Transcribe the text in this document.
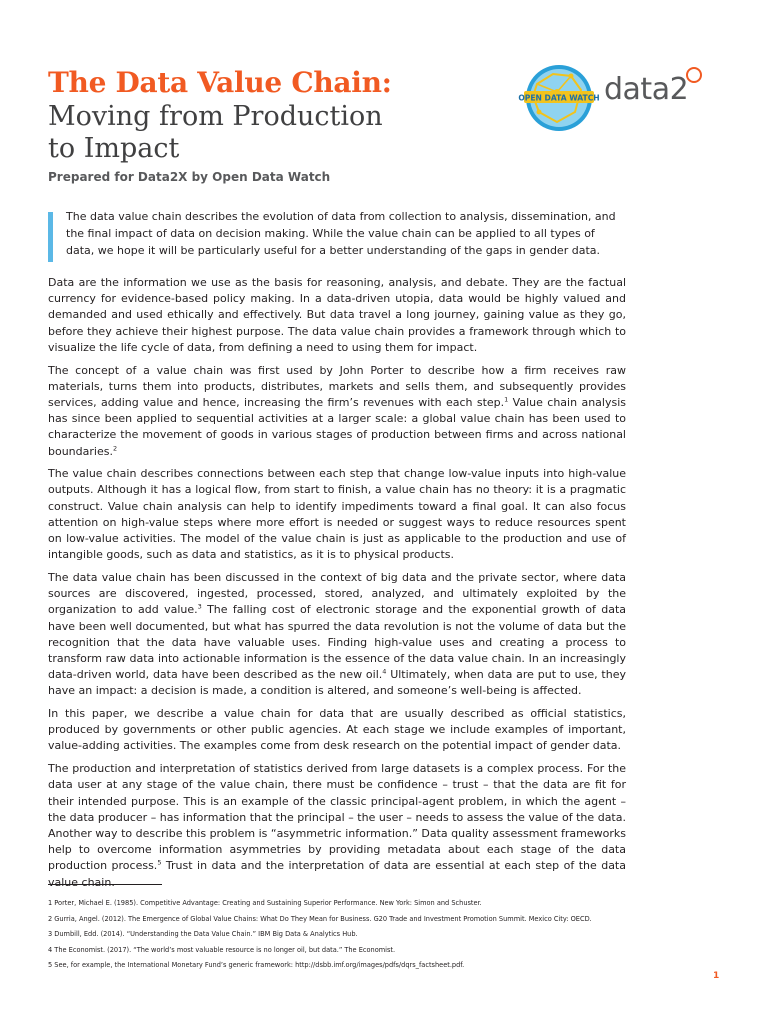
The Data Value Chain:
Moving from Production to Impact
Prepared for Data2X by Open Data Watch
OPEN DATA WATCH data2

The data value chain describes the evolution of data from collection to analysis, dissemination, and the final impact of data on decision making. While the value chain can be applied to all types of data, we hope it will be particularly useful for a better understanding of the gaps in gender data.

Data are the information we use as the basis for reasoning, analysis, and debate. They are the factual currency for evidence-based policy making. In a data-driven utopia, data would be highly valued and demanded and used ethically and effectively. But data travel a long journey, gaining value as they go, before they achieve their highest purpose. The data value chain provides a framework through which to visualize the life cycle of data, from defining a need to using them for impact.

The concept of a value chain was first used by John Porter to describe how a firm receives raw materials, turns them into products, distributes, markets and sells them, and subsequently provides services, adding value and hence, increasing the firm’s revenues with each step.$^1$ Value chain analysis has since been applied to sequential activities at a larger scale: a global value chain has been used to characterize the movement of goods in various stages of production between firms and across national boundaries.$^2$

The value chain describes connections between each step that change low-value inputs into high-value outputs. Although it has a logical flow, from start to finish, a value chain has no theory: it is a pragmatic construct. Value chain analysis can help to identify impediments toward a final goal. It can also focus attention on high-value steps where more effort is needed or suggest ways to reduce resources spent on low-value activities. The model of the value chain is just as applicable to the production and use of intangible goods, such as data and statistics, as it is to physical products.

The data value chain has been discussed in the context of big data and the private sector, where data sources are discovered, ingested, processed, stored, analyzed, and ultimately exploited by the organization to add value.$^3$ The falling cost of electronic storage and the exponential growth of data have been well documented, but what has spurred the data revolution is not the volume of data but the recognition that the data have valuable uses. Finding high-value uses and creating a process to transform raw data into actionable information is the essence of the data value chain. In an increasingly data-driven world, data have been described as the new oil.$^4$ Ultimately, when data are put to use, they have an impact: a decision is made, a condition is altered, and someone’s well-being is affected.

In this paper, we describe a value chain for data that are usually described as official statistics, produced by governments or other public agencies. At each stage we include examples of important, value-adding activities. The examples come from desk research on the potential impact of gender data.

The production and interpretation of statistics derived from large datasets is a complex process. For the data user at any stage of the value chain, there must be confidence – trust – that the data are fit for their intended purpose. This is an example of the classic principal-agent problem, in which the agent – the data producer – has information that the principal – the user – needs to assess the value of the data. Another way to describe this problem is “asymmetric information.” Data quality assessment frameworks help to overcome information asymmetries by providing metadata about each stage of the data production process.$^5$ Trust in data and the interpretation of data are essential at each step of the data value chain.

1 Porter, Michael E. (1985). Competitive Advantage: Creating and Sustaining Superior Performance. New York: Simon and Schuster.

2 Gurria, Angel. (2012). The Emergence of Global Value Chains: What Do They Mean for Business. G20 Trade and Investment Promotion Summit. Mexico City: OECD.

3 Dumbill, Edd. (2014). “Understanding the Data Value Chain.” IBM Big Data & Analytics Hub.

4 The Economist. (2017). “The world’s most valuable resource is no longer oil, but data.” The Economist.

5 See, for example, the International Monetary Fund’s generic framework: http://dsbb.imf.org/images/pdfs/dqrs_factsheet.pdf.

1
